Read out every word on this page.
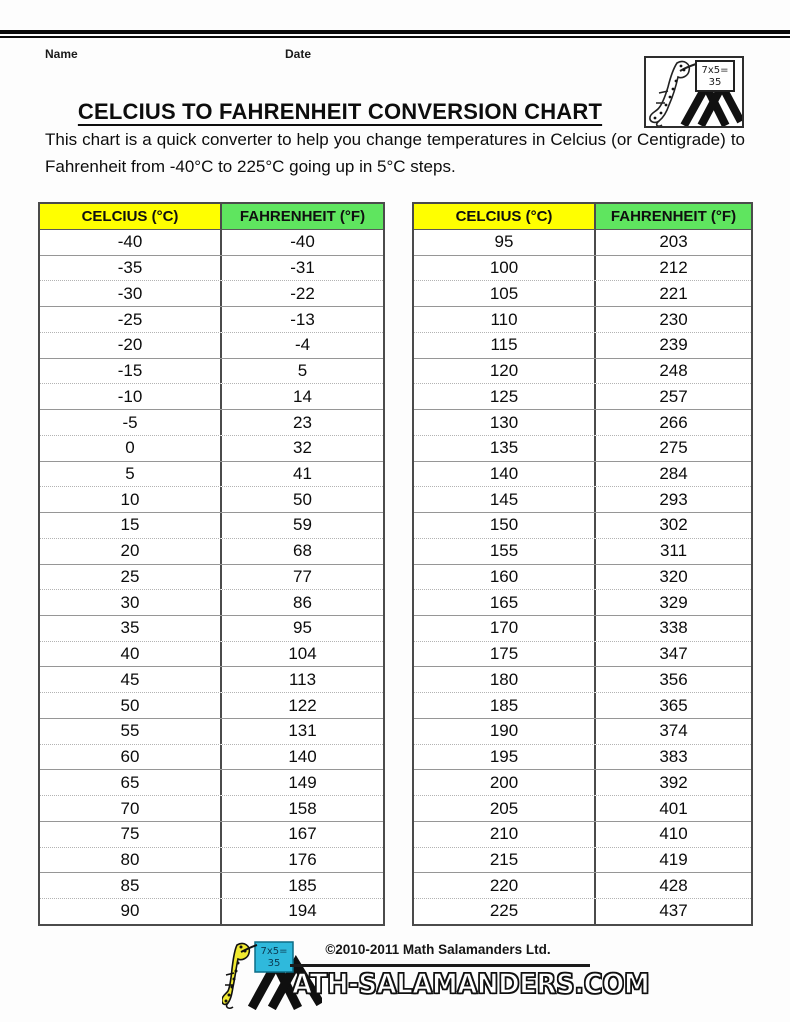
Name	Date
7x5=
35
CELCIUS TO FAHRENHEIT CONVERSION CHART

This chart is a quick converter to help you change temperatures in Celcius (or Centigrade) to Fahrenheit from -40°C to 225°C going up in 5°C steps.

CELCIUS (°C)	FAHRENHEIT (°F)
-40	-40
-35	-31
-30	-22
-25	-13
-20	-4
-15	5
-10	14
-5	23
0	32
5	41
10	50
15	59
20	68
25	77
30	86
35	95
40	104
45	113
50	122
55	131
60	140
65	149
70	158
75	167
80	176
85	185
90	194
CELCIUS (°C)	FAHRENHEIT (°F)
95	203
100	212
105	221
110	230
115	239
120	248
125	257
130	266
135	275
140	284
145	293
150	302
155	311
160	320
165	329
170	338
175	347
180	356
185	365
190	374
195	383
200	392
205	401
210	410
215	419
220	428
225	437
7x5=
35
©2010-2011 Math Salamanders Ltd.
ATH-SALAMANDERS.COM
